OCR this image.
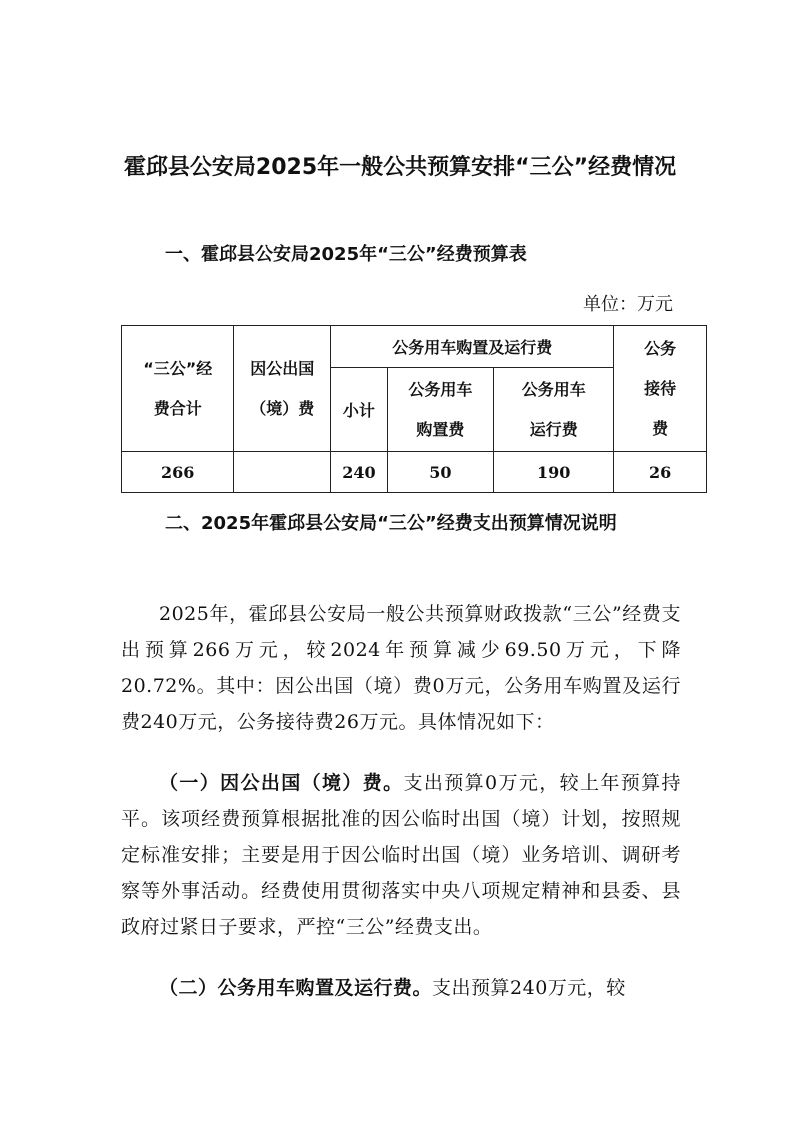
霍邱县公安局2025年一般公共预算安排“三公”经费情况
一、霍邱县公安局2025年“三公”经费预算表
单位：万元
“三公”经费合计	因公出国（境）费	公务用车购置及运行费			公务接待费

		小计	公务用车购置费	公务用车运行费	

266		240	50	190	26
二、2025年霍邱县公安局“三公”经费支出预算情况说明
2025年，霍邱县公安局一般公共预算财政拨款“三公”经费支出预算266万元，较2024年预算减少69.50万元，下降20.72%。其中：因公出国（境）费0万元，公务用车购置及运行费240万元，公务接待费26万元。具体情况如下：
（一）因公出国（境）费。支出预算0万元，较上年预算持平。该项经费预算根据批准的因公临时出国（境）计划，按照规定标准安排；主要是用于因公临时出国（境）业务培训、调研考察等外事活动。经费使用贯彻落实中央八项规定精神和县委、县政府过紧日子要求，严控“三公”经费支出。
（二）公务用车购置及运行费。支出预算240万元，较
